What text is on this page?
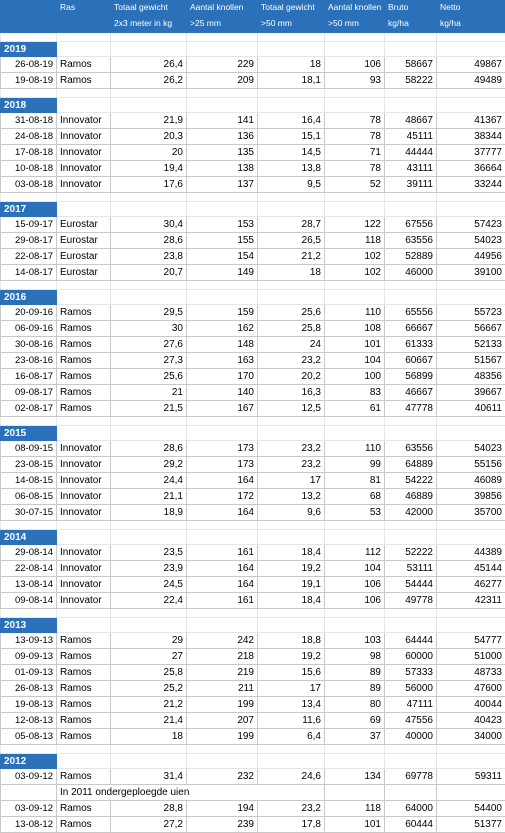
	Ras	Totaal gewicht	Aantal knollen	Totaal gewicht	Aantal knollen	Bruto	Netto
		2x3 meter in kg	>25 mm	>50 mm	>50 mm	kg/ha	kg/ha

2019							
26-08-19	Ramos	26,4	229	18	106	58667	49867
19-08-19	Ramos	26,2	209	18,1	93	58222	49489

2018							
31-08-18	Innovator	21,9	141	16,4	78	48667	41367
24-08-18	Innovator	20,3	136	15,1	78	45111	38344
17-08-18	Innovator	20	135	14,5	71	44444	37777
10-08-18	Innovator	19,4	138	13,8	78	43111	36664
03-08-18	Innovator	17,6	137	9,5	52	39111	33244

2017							
15-09-17	Eurostar	30,4	153	28,7	122	67556	57423
29-08-17	Eurostar	28,6	155	26,5	118	63556	54023
22-08-17	Eurostar	23,8	154	21,2	102	52889	44956
14-08-17	Eurostar	20,7	149	18	102	46000	39100

2016							
20-09-16	Ramos	29,5	159	25,6	110	65556	55723
06-09-16	Ramos	30	162	25,8	108	66667	56667
30-08-16	Ramos	27,6	148	24	101	61333	52133
23-08-16	Ramos	27,3	163	23,2	104	60667	51567
16-08-17	Ramos	25,6	170	20,2	100	56899	48356
09-08-17	Ramos	21	140	16,3	83	46667	39667
02-08-17	Ramos	21,5	167	12,5	61	47778	40611

2015							
08-09-15	Innovator	28,6	173	23,2	110	63556	54023
23-08-15	Innovator	29,2	173	23,2	99	64889	55156
14-08-15	Innovator	24,4	164	17	81	54222	46089
06-08-15	Innovator	21,1	172	13,2	68	46889	39856
30-07-15	Innovator	18,9	164	9,6	53	42000	35700

2014							
29-08-14	Innovator	23,5	161	18,4	112	52222	44389
22-08-14	Innovator	23,9	164	19,2	104	53111	45144
13-08-14	Innovator	24,5	164	19,1	106	54444	46277
09-08-14	Innovator	22,4	161	18,4	106	49778	42311

2013							
13-09-13	Ramos	29	242	18,8	103	64444	54777
09-09-13	Ramos	27	218	19,2	98	60000	51000
01-09-13	Ramos	25,8	219	15,6	89	57333	48733
26-08-13	Ramos	25,2	211	17	89	56000	47600
19-08-13	Ramos	21,2	199	13,4	80	47111	40044
12-08-13	Ramos	21,4	207	11,6	69	47556	40423
05-08-13	Ramos	18	199	6,4	37	40000	34000

2012							
03-09-12	Ramos	31,4	232	24,6	134	69778	59311
	In 2011 ondergeploegde uien						
03-09-12	Ramos	28,8	194	23,2	118	64000	54400
13-08-12	Ramos	27,2	239	17,8	101	60444	51377
